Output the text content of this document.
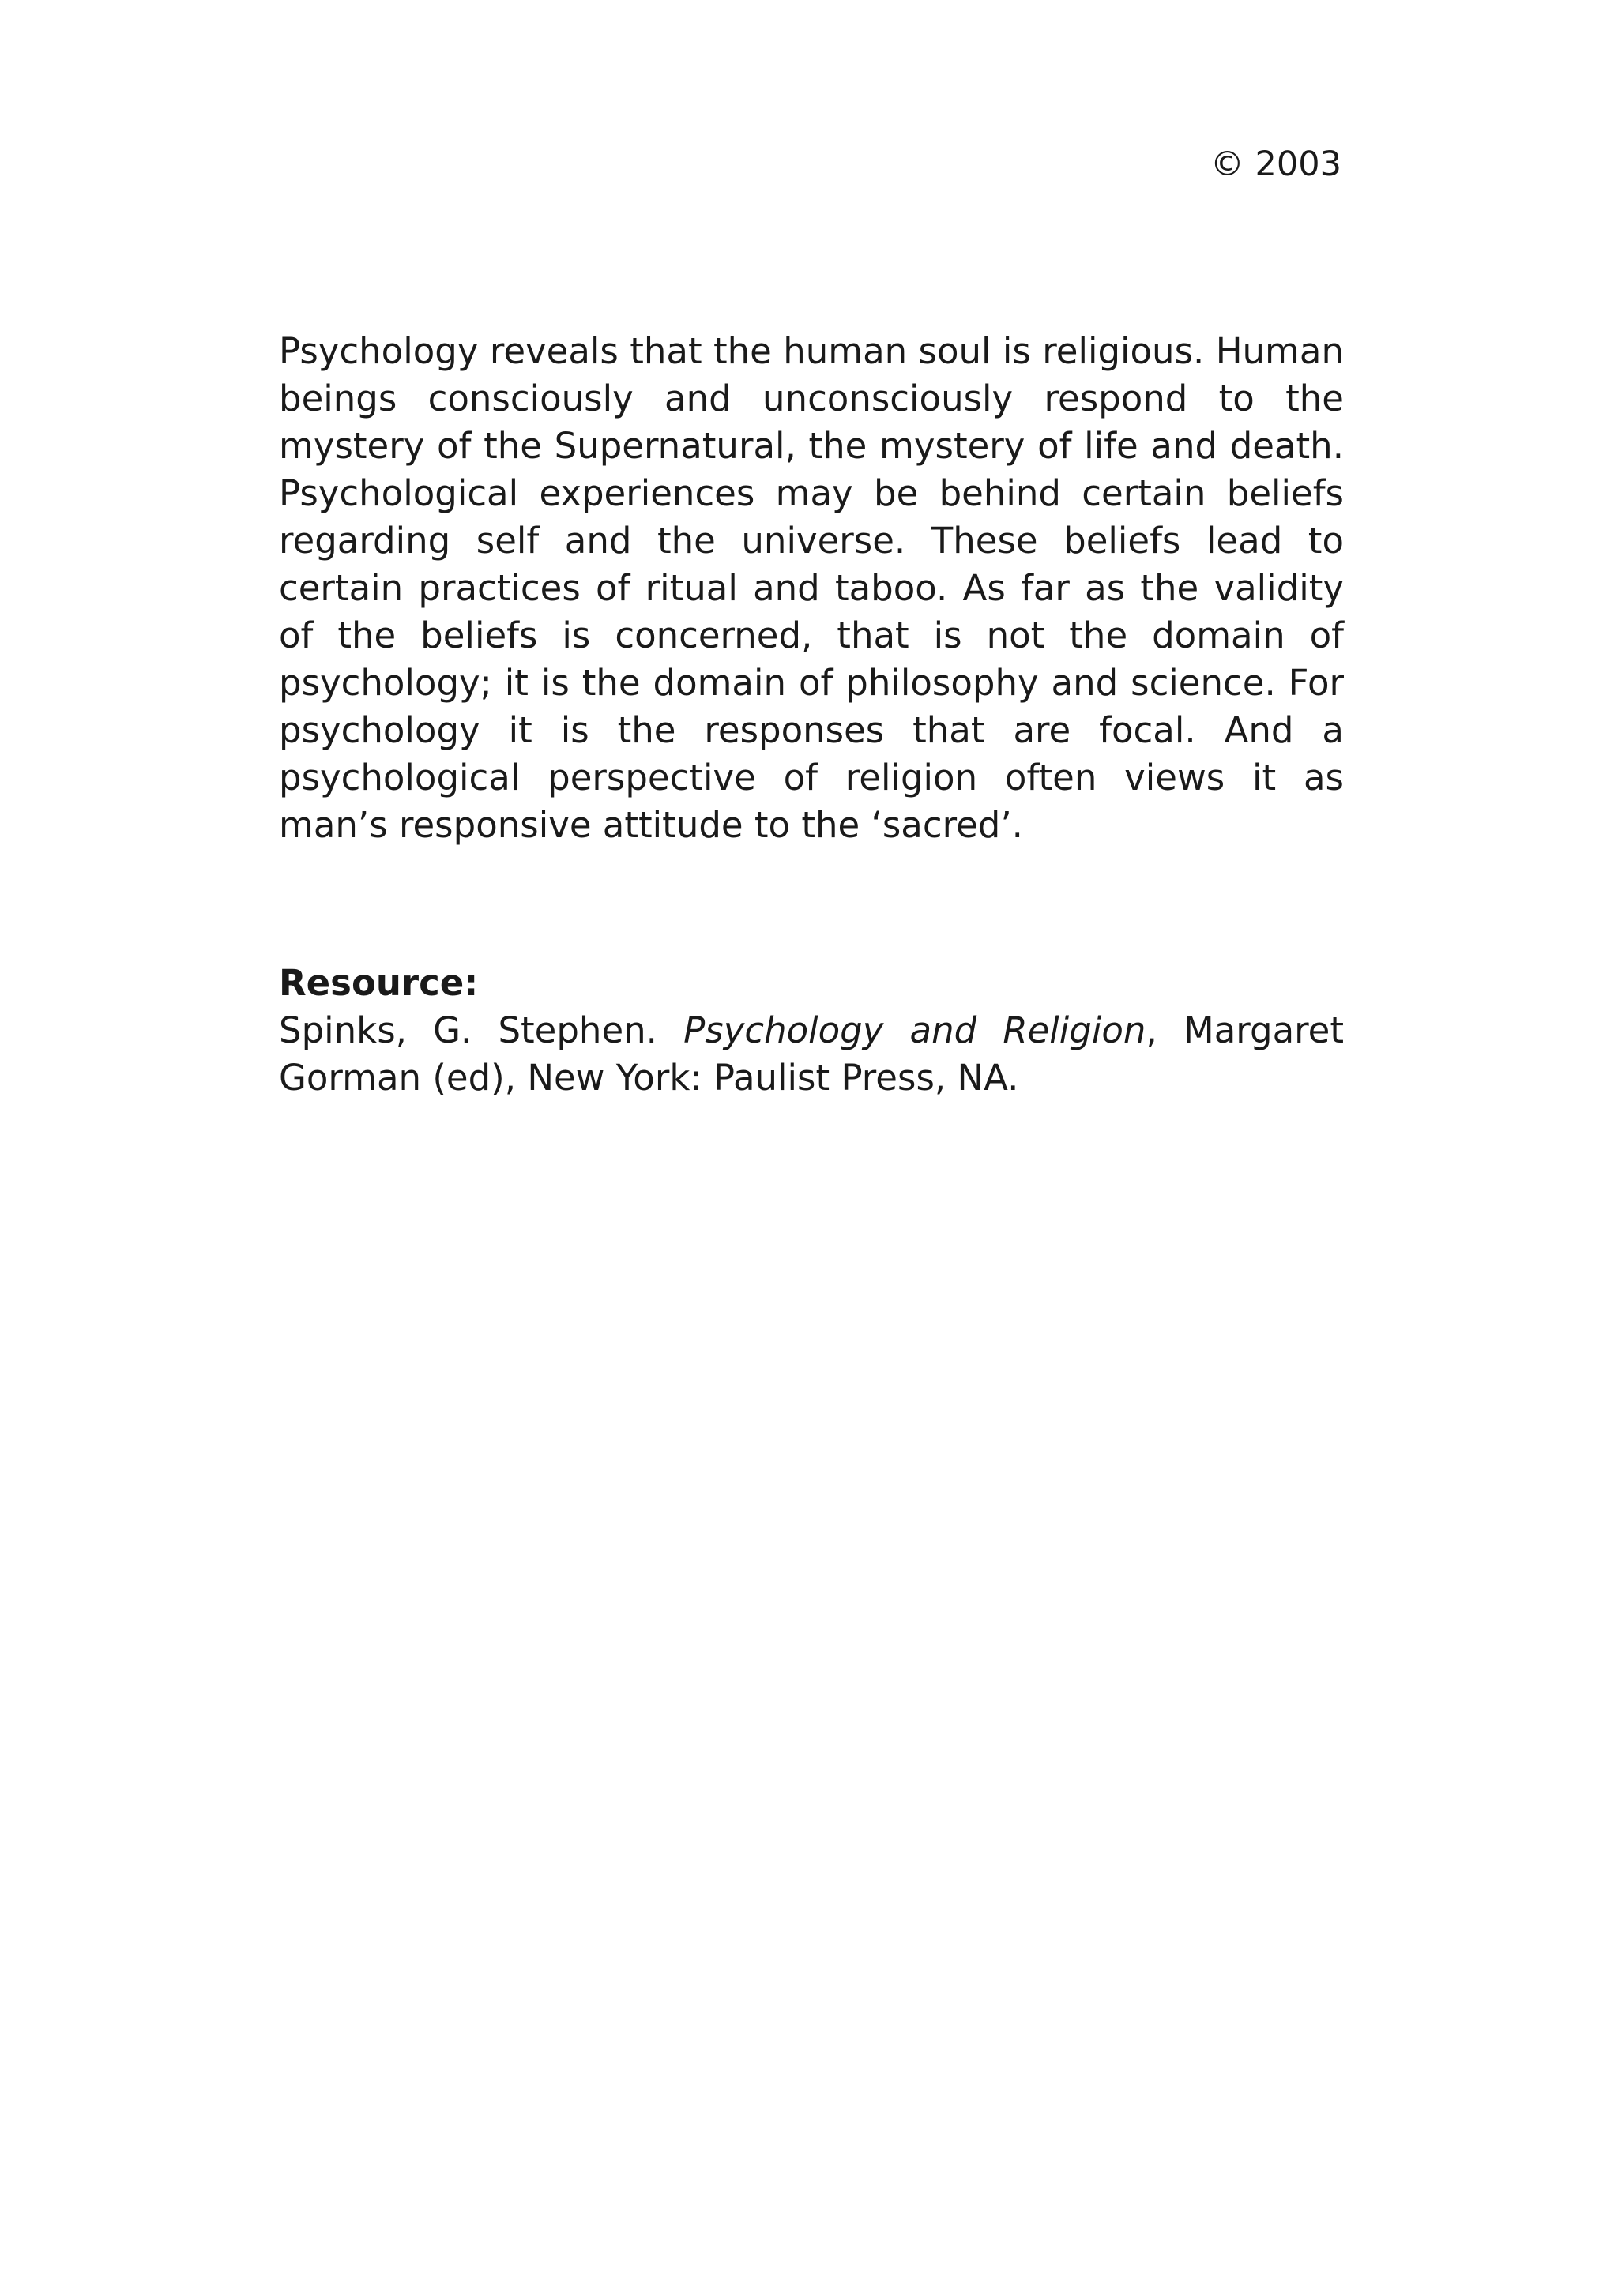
© 2003

Psychology reveals that the human soul is religious. Human beings consciously and unconsciously respond to the mystery of the Supernatural, the mystery of life and death. Psychological experiences may be behind certain beliefs regarding self and the universe. These beliefs lead to certain practices of ritual and taboo. As far as the validity of the beliefs is concerned, that is not the domain of psychology; it is the domain of philosophy and science. For psychology it is the responses that are focal. And a psychological perspective of religion often views it as man’s responsive attitude to the ‘sacred’.

Resource:

Spinks, G. Stephen. Psychology and Religion, Margaret Gorman (ed), New York: Paulist Press, NA.
